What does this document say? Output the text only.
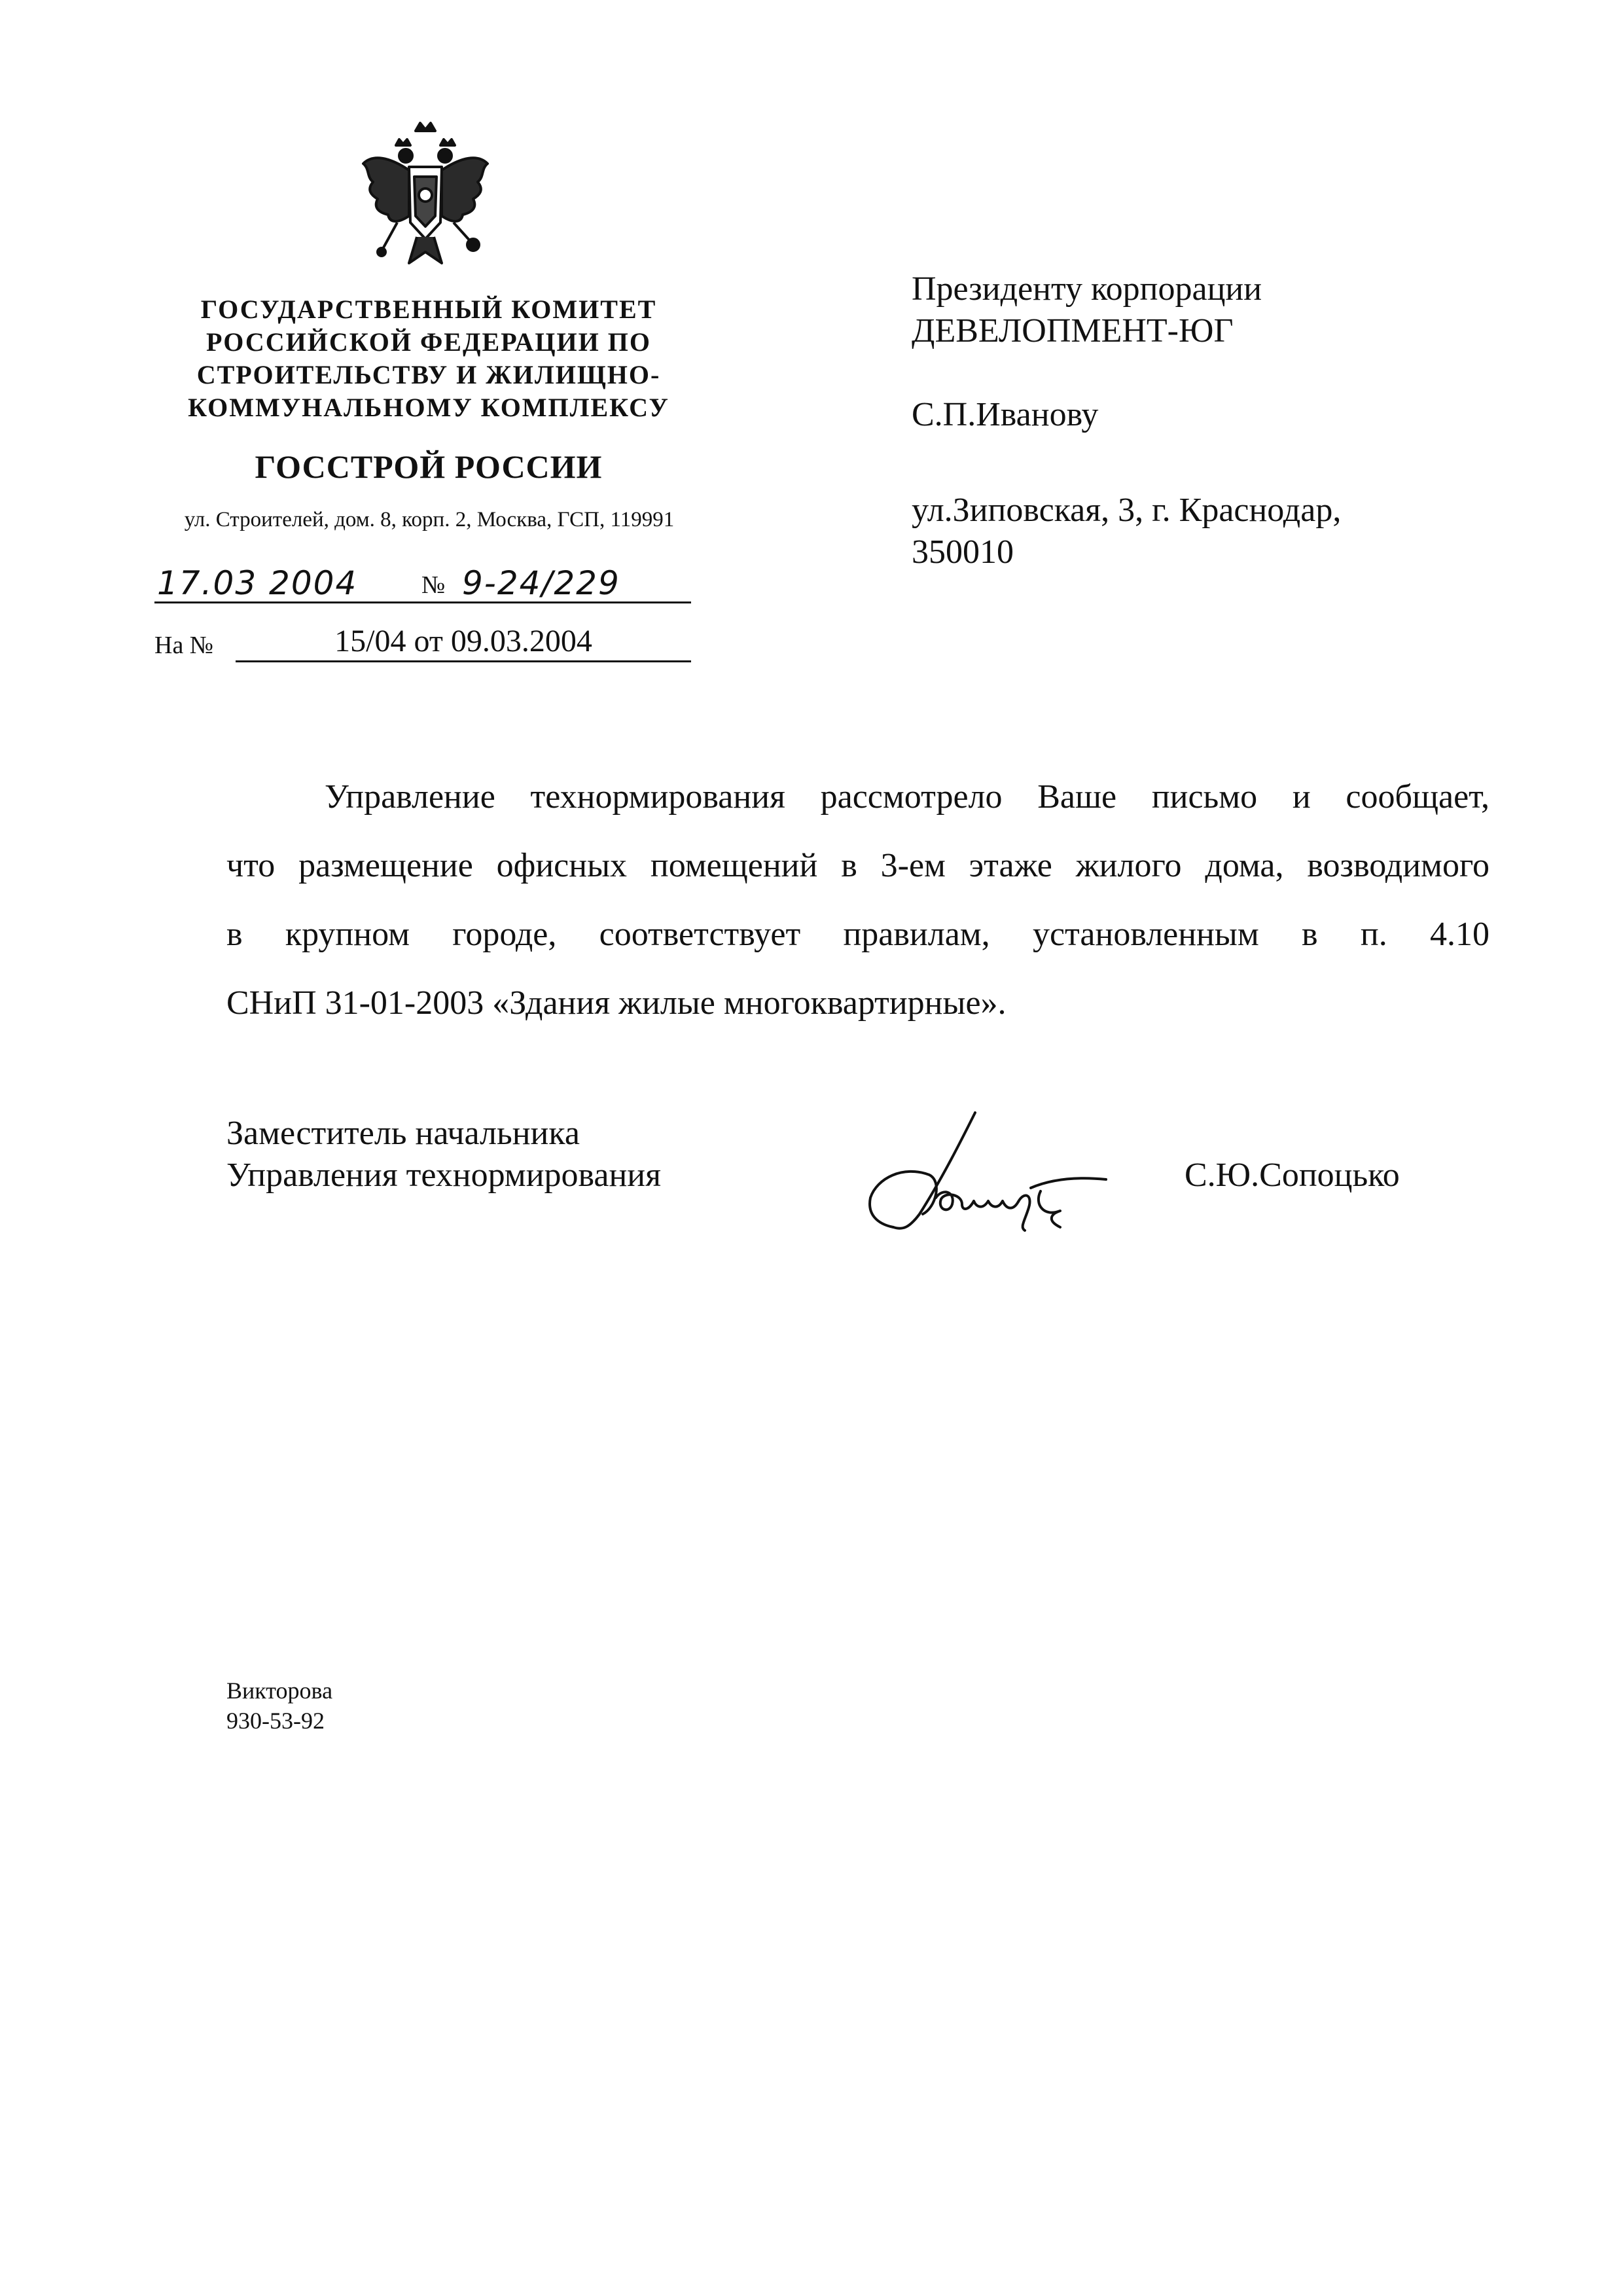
ГОСУДАРСТВЕННЫЙ КОМИТЕТ
РОССИЙСКОЙ ФЕДЕРАЦИИ ПО
СТРОИТЕЛЬСТВУ И ЖИЛИЩНО-
КОММУНАЛЬНОМУ КОМПЛЕКСУ
ГОССТРОЙ РОССИИ
ул. Строителей, дом. 8, корп. 2, Москва, ГСП, 119991
17.03 2004	№ 9-24/229
На №	15/04 от 09.03.2004
Президенту корпорации
ДЕВЕЛОПМЕНТ-ЮГ
С.П.Иванову
ул.Зиповская, 3, г. Краснодар,
350010
Управление технормирования рассмотрело Ваше письмо и сообщает,
что размещение офисных помещений в 3-ем этаже жилого дома, возводимого
в крупном городе, соответствует правилам, установленным в п. 4.10
СНиП 31-01-2003 «Здания жилые многоквартирные».
Заместитель начальника
Управления технормирования	С.Ю.Сопоцько
Викторова
930-53-92
